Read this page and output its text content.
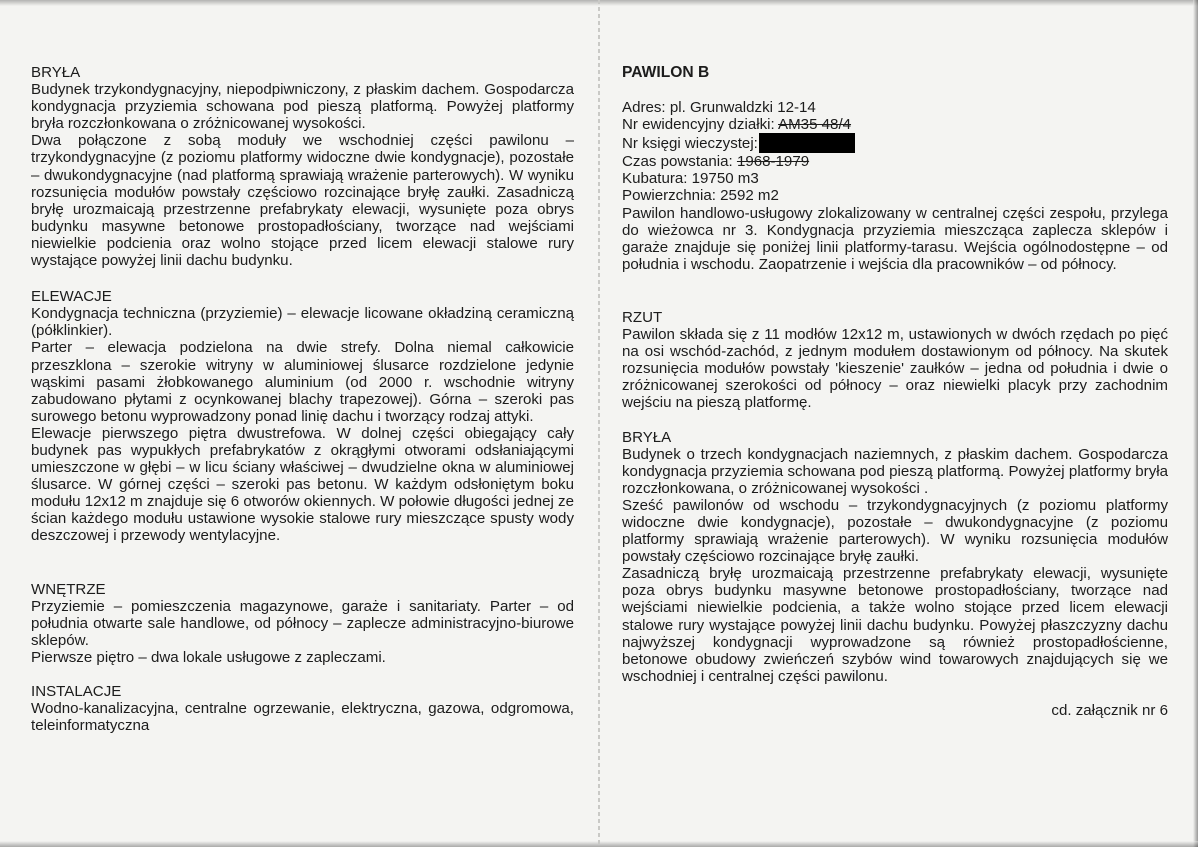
BRYŁA

Budynek trzykondygnacyjny, niepodpiwniczony, z płaskim dachem. Gospodarcza kondygnacja przyziemia schowana pod pieszą platformą. Powyżej platformy bryła rozczłonkowana o zróżnicowanej wysokości.

Dwa połączone z sobą moduły we wschodniej części pawilonu – trzykondygnacyjne (z poziomu platformy widoczne dwie kondygnacje), pozostałe – dwukondygnacyjne (nad platformą sprawiają wrażenie parterowych). W wyniku rozsunięcia modułów powstały częściowo rozcinające bryłę zaułki. Zasadniczą bryłę urozmaicają przestrzenne prefabrykaty elewacji, wysunięte poza obrys budynku masywne betonowe prostopadłościany, tworzące nad wejściami niewielkie podcienia oraz wolno stojące przed licem elewacji stalowe rury wystające powyżej linii dachu budynku.

ELEWACJE

Kondygnacja techniczna (przyziemie) – elewacje licowane okładziną ceramiczną (półklinkier).

Parter – elewacja podzielona na dwie strefy. Dolna niemal całkowicie przeszklona – szerokie witryny w aluminiowej ślusarce rozdzielone jedynie wąskimi pasami żłobkowanego aluminium (od 2000 r. wschodnie witryny zabudowano płytami z ocynkowanej blachy trapezowej). Górna – szeroki pas surowego betonu wyprowadzony ponad linię dachu i tworzący rodzaj attyki.

Elewacje pierwszego piętra dwustrefowa. W dolnej części obiegający cały budynek pas wypukłych prefabrykatów z okrągłymi otworami odsłaniającymi umieszczone w głębi – w licu ściany właściwej – dwudzielne okna w aluminiowej ślusarce. W górnej części – szeroki pas betonu. W każdym odsłoniętym boku modułu 12x12 m znajduje się 6 otworów okiennych. W połowie długości jednej ze ścian każdego modułu ustawione wysokie stalowe rury mieszczące spusty wody deszczowej i przewody wentylacyjne.

WNĘTRZE

Przyziemie – pomieszczenia magazynowe, garaże i sanitariaty. Parter – od południa otwarte sale handlowe, od północy – zaplecze administracyjno-biurowe sklepów.

Pierwsze piętro – dwa lokale usługowe z zapleczami.

INSTALACJE

Wodno-kanalizacyjna, centralne ogrzewanie, elektryczna, gazowa, odgromowa, teleinformatyczna

PAWILON B

Adres: pl. Grunwaldzki 12-14

Nr ewidencyjny działki: AM35 48/4

Nr księgi wieczystej:

Czas powstania: 1968-1979

Kubatura: 19750 m3

Powierzchnia: 2592 m2

Pawilon handlowo-usługowy zlokalizowany w centralnej części zespołu, przylega do wieżowca nr 3. Kondygnacja przyziemia mieszcząca zaplecza sklepów i garaże znajduje się poniżej linii platformy-tarasu. Wejścia ogólnodostępne – od południa i wschodu. Zaopatrzenie i wejścia dla pracowników – od północy.

RZUT

Pawilon składa się z 11 modłów 12x12 m, ustawionych w dwóch rzędach po pięć na osi wschód-zachód, z jednym modułem dostawionym od północy. Na skutek rozsunięcia modułów powstały 'kieszenie' zaułków – jedna od południa i dwie o zróżnicowanej szerokości od północy – oraz niewielki placyk przy zachodnim wejściu na pieszą platformę.

BRYŁA

Budynek o trzech kondygnacjach naziemnych, z płaskim dachem. Gospodarcza kondygnacja przyziemia schowana pod pieszą platformą. Powyżej platformy bryła rozczłonkowana, o zróżnicowanej wysokości .

Sześć pawilonów od wschodu – trzykondygnacyjnych (z poziomu platformy widoczne dwie kondygnacje), pozostałe – dwukondygnacyjne (z poziomu platformy sprawiają wrażenie parterowych). W wyniku rozsunięcia modułów powstały częściowo rozcinające bryłę zaułki.

Zasadniczą bryłę urozmaicają przestrzenne prefabrykaty elewacji, wysunięte poza obrys budynku masywne betonowe prostopadłościany, tworzące nad wejściami niewielkie podcienia, a także wolno stojące przed licem elewacji stalowe rury wystające powyżej linii dachu budynku. Powyżej płaszczyzny dachu najwyższej kondygnacji wyprowadzone są również prostopadłościenne, betonowe obudowy zwieńczeń szybów wind towarowych znajdujących się we wschodniej i centralnej części pawilonu.

cd. załącznik nr 6
